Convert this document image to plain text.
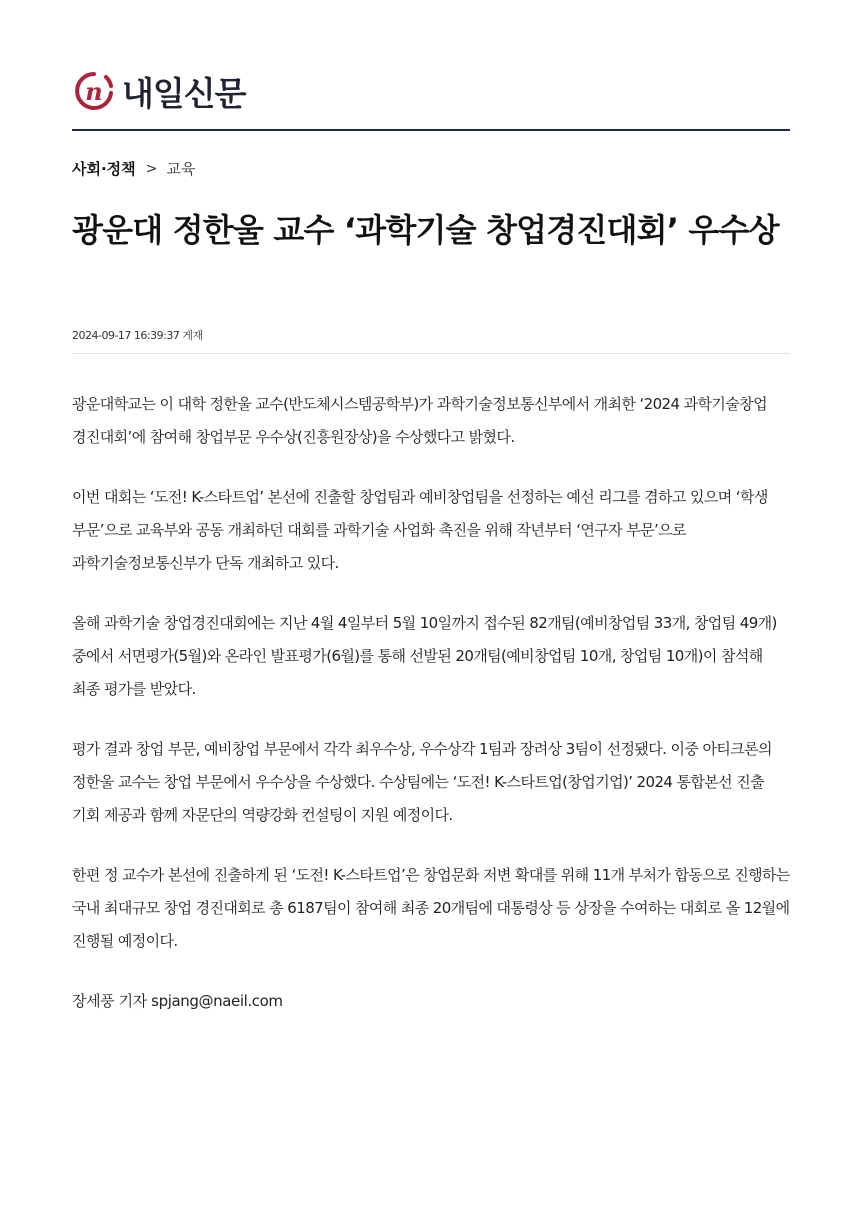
n 내일신문
사회·정책 > 교육
광운대 정한울 교수 ‘과학기술 창업경진대회’ 우수상
2024-09-17 16:39:37 게재

광운대학교는 이 대학 정한울 교수(반도체시스템공학부)가 과학기술정보통신부에서 개최한 ‘2024 과학기술창업 경진대회’에 참여해 창업부문 우수상(진흥원장상)을 수상했다고 밝혔다.

이번 대회는 ‘도전! K-스타트업’ 본선에 진출할 창업팀과 예비창업팀을 선정하는 예선 리그를 겸하고 있으며 ‘학생 부문’으로 교육부와 공동 개최하던 대회를 과학기술 사업화 촉진을 위해 작년부터 ‘연구자 부문’으로 과학기술정보통신부가 단독 개최하고 있다.

올해 과학기술 창업경진대회에는 지난 4월 4일부터 5월 10일까지 접수된 82개팀(예비창업팀 33개, 창업팀 49개) 중에서 서면평가(5월)와 온라인 발표평가(6월)를 통해 선발된 20개팀(예비창업팀 10개, 창업팀 10개)이 참석해 최종 평가를 받았다.

평가 결과 창업 부문, 예비창업 부문에서 각각 최우수상, 우수상각 1팀과 장려상 3팀이 선정됐다. 이중 아티크론의 정한울 교수는 창업 부문에서 우수상을 수상했다. 수상팀에는 ‘도전! K-스타트업(창업기업)’ 2024 통합본선 진출 기회 제공과 함께 자문단의 역량강화 컨설팅이 지원 예정이다.

한편 정 교수가 본선에 진출하게 된 ‘도전! K-스타트업’은 창업문화 저변 확대를 위해 11개 부처가 합동으로 진행하는 국내 최대규모 창업 경진대회로 총 6187팀이 참여해 최종 20개팀에 대통령상 등 상장을 수여하는 대회로 올 12월에 진행될 예정이다.

장세풍 기자 spjang@naeil.com
